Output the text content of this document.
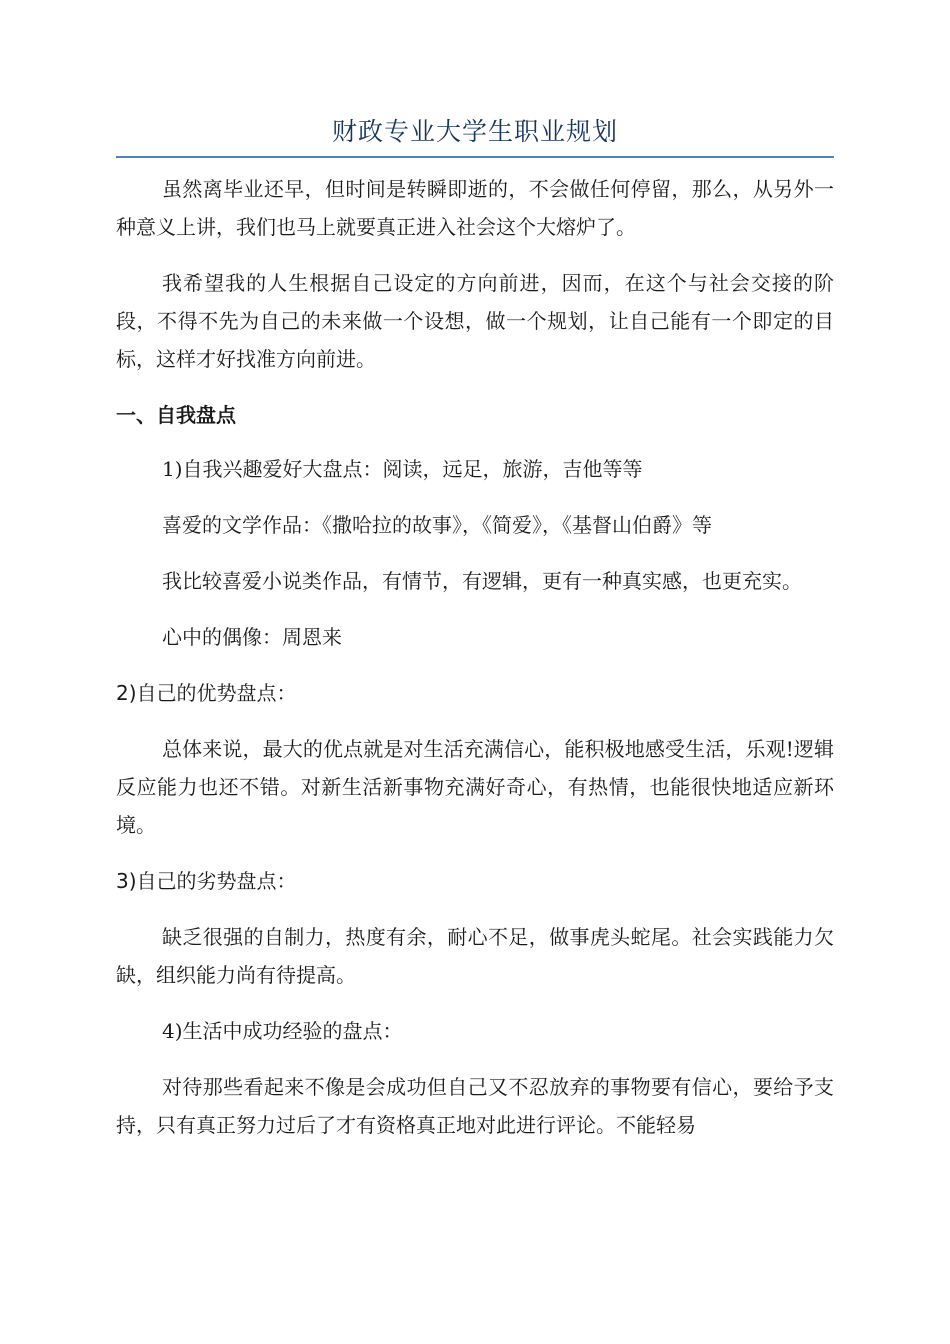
财政专业大学生职业规划

虽然离毕业还早，但时间是转瞬即逝的，不会做任何停留，那么，从另外一种意义上讲，我们也马上就要真正进入社会这个大熔炉了。

我希望我的人生根据自己设定的方向前进，因而，在这个与社会交接的阶段，不得不先为自己的未来做一个设想，做一个规划，让自己能有一个即定的目标，这样才好找准方向前进。

一、自我盘点

1)自我兴趣爱好大盘点：阅读，远足，旅游，吉他等等

喜爱的文学作品：《撒哈拉的故事》，《简爱》，《基督山伯爵》等

我比较喜爱小说类作品，有情节，有逻辑，更有一种真实感，也更充实。

心中的偶像：周恩来

2)自己的优势盘点：

总体来说，最大的优点就是对生活充满信心，能积极地感受生活，乐观!逻辑反应能力也还不错。对新生活新事物充满好奇心，有热情，也能很快地适应新环境。

3)自己的劣势盘点：

缺乏很强的自制力，热度有余，耐心不足，做事虎头蛇尾。社会实践能力欠缺，组织能力尚有待提高。

4)生活中成功经验的盘点：

对待那些看起来不像是会成功但自己又不忍放弃的事物要有信心，要给予支持，只有真正努力过后了才有资格真正地对此进行评论。不能轻易
